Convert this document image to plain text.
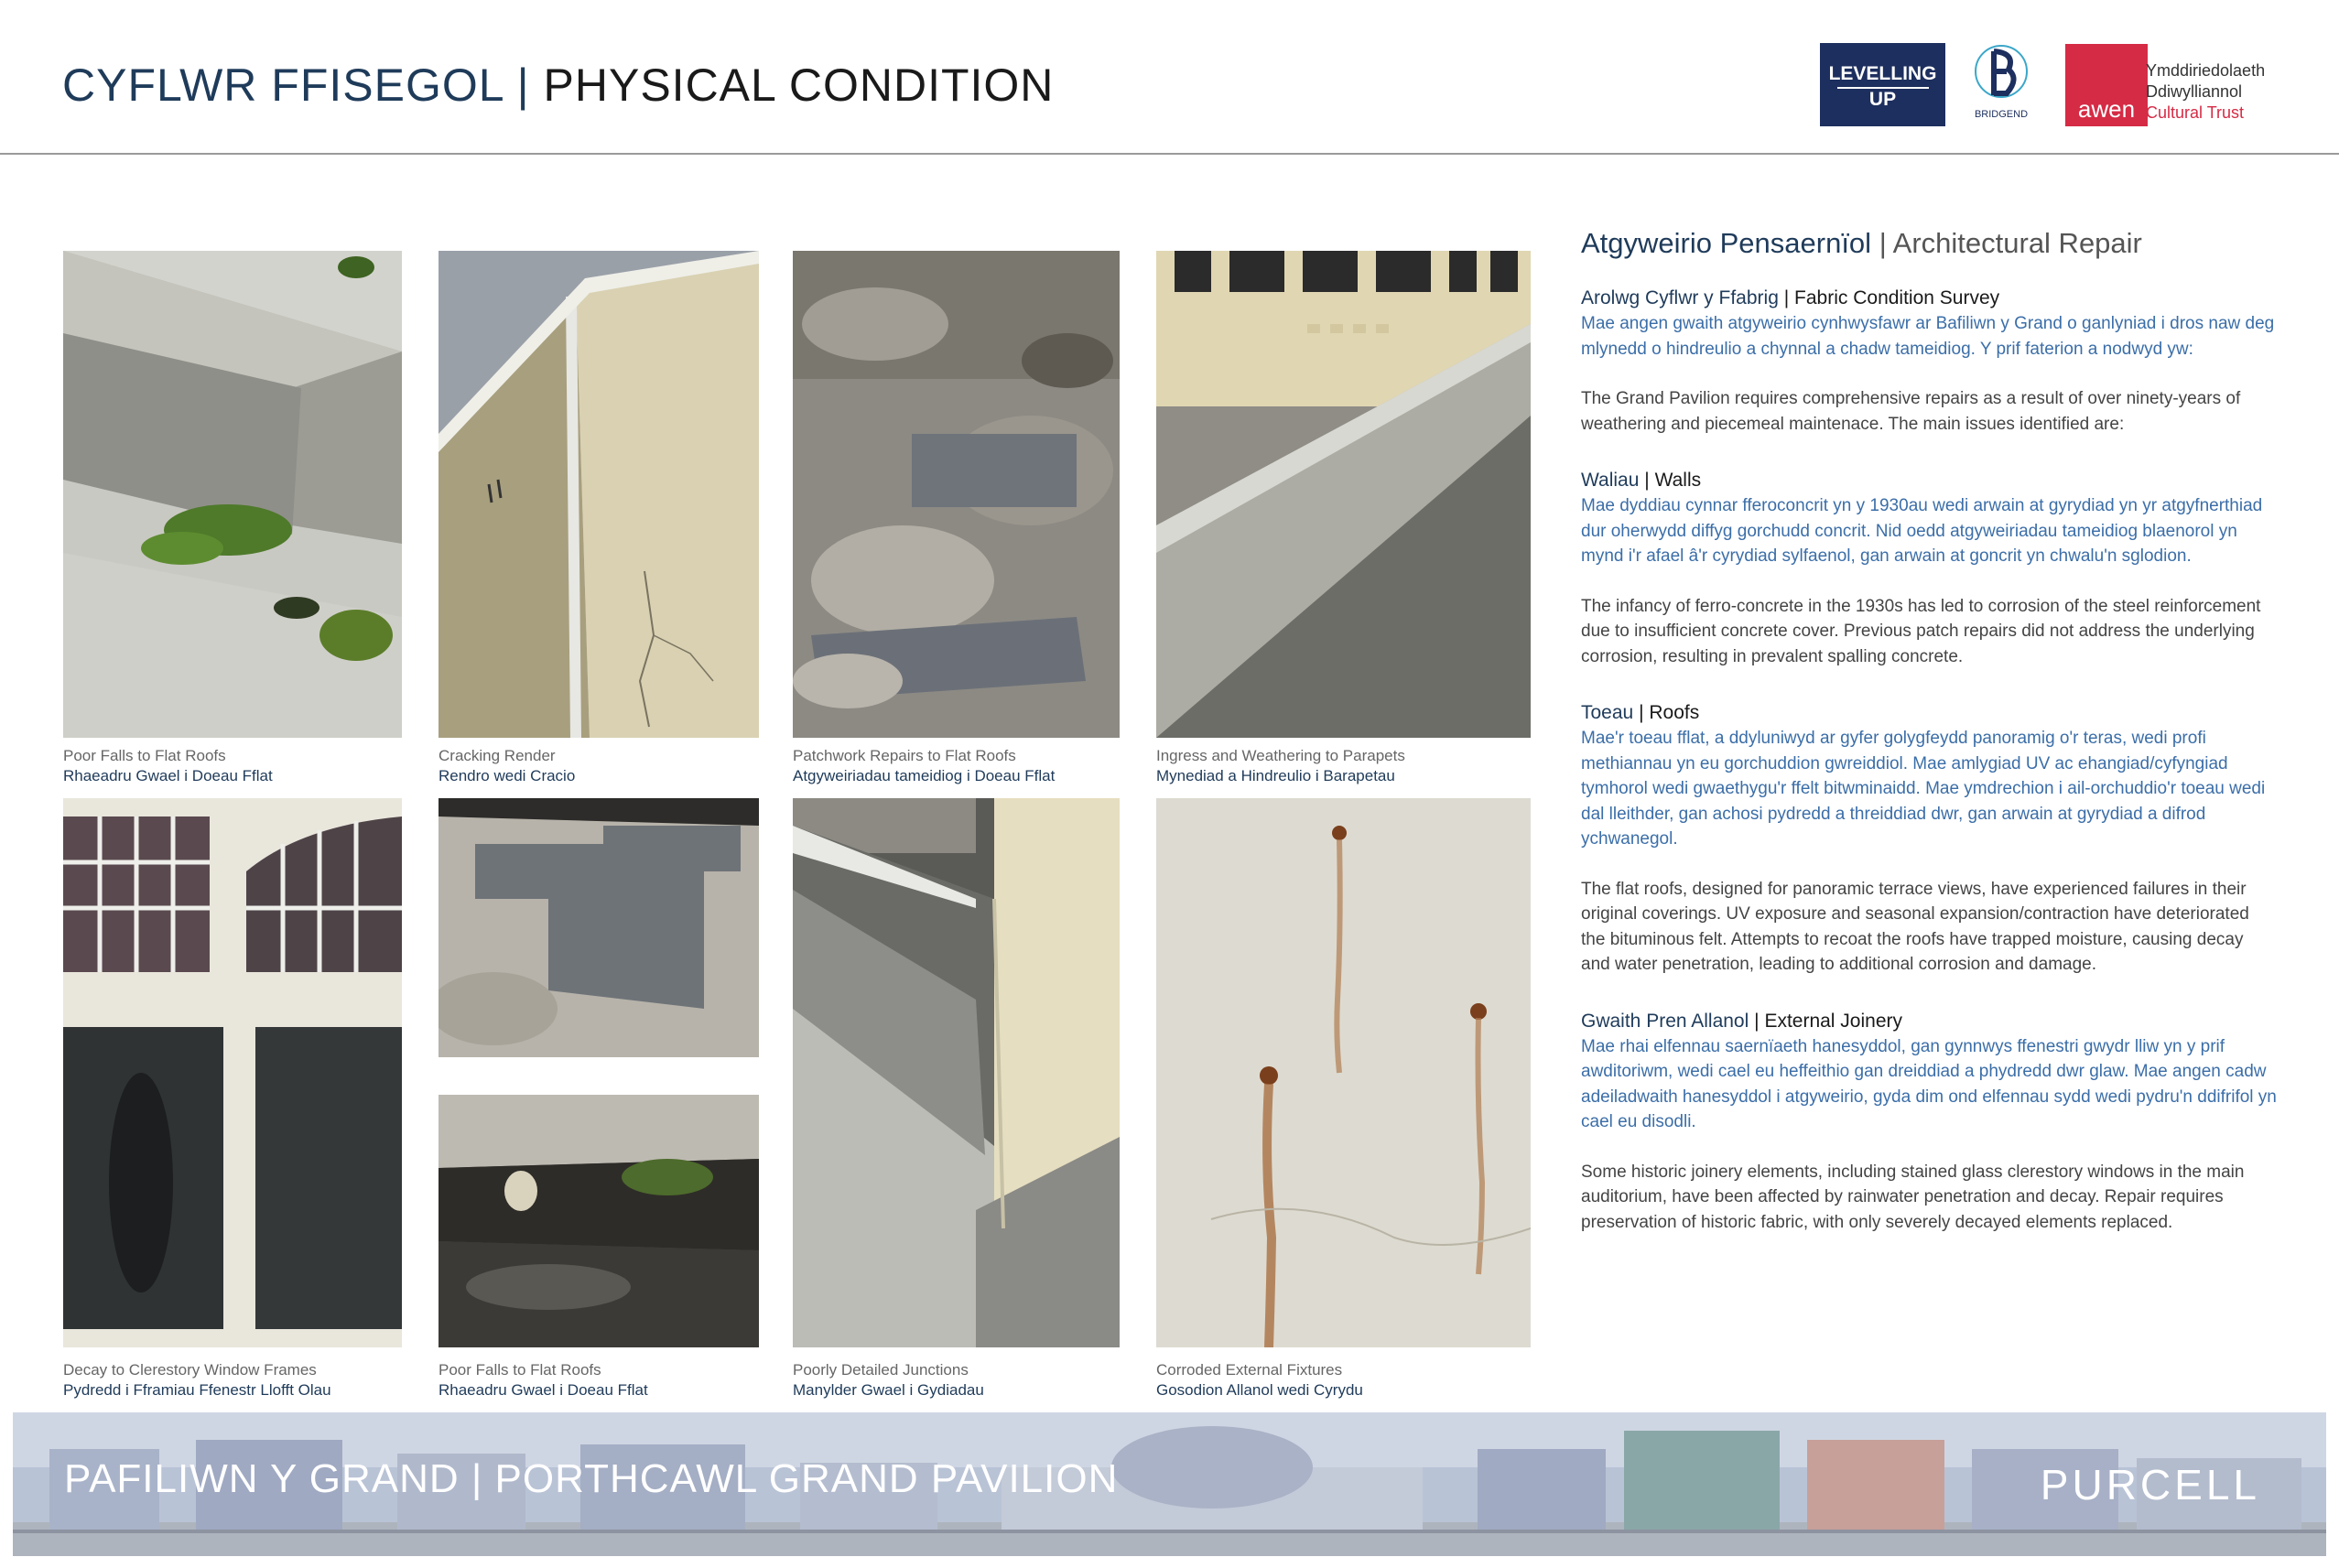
CYFLWR FFISEGOL | PHYSICAL CONDITION	LEVELLING
UP
BRIDGEND	awen
Ymddiriedolaeth
Ddiwylliannol
Cultural Trust
Poor Falls to Flat Roofs
Rhaeadru Gwael i Doeau Fflat
Cracking Render
Rendro wedi Cracio
Patchwork Repairs to Flat Roofs
Atgyweiriadau tameidiog i Doeau Fflat
Ingress and Weathering to Parapets
Mynediad a Hindreulio i Barapetau
Decay to Clerestory Window Frames
Pydredd i Fframiau Ffenestr Llofft Olau
Poor Falls to Flat Roofs
Rhaeadru Gwael i Doeau Fflat
Poorly Detailed Junctions
Manylder Gwael i Gydiadau
Corroded External Fixtures
Gosodion Allanol wedi Cyrydu
Atgyweirio Pensaernïol | Architectural Repair
Arolwg Cyflwr y Ffabrig | Fabric Condition Survey
Mae angen gwaith atgyweirio cynhwysfawr ar Bafiliwn y Grand o ganlyniad i dros naw deg mlynedd o hindreulio a chynnal a chadw tameidiog. Y prif faterion a nodwyd yw:
The Grand Pavilion requires comprehensive repairs as a result of over ninety-years of weathering and piecemeal maintenace. The main issues identified are:
Waliau | Walls
Mae dyddiau cynnar fferoconcrit yn y 1930au wedi arwain at gyrydiad yn yr atgyfnerthiad dur oherwydd diffyg gorchudd concrit. Nid oedd atgyweiriadau tameidiog blaenorol yn mynd i'r afael â'r cyrydiad sylfaenol, gan arwain at goncrit yn chwalu'n sglodion.
The infancy of ferro-concrete in the 1930s has led to corrosion of the steel reinforcement due to insufficient concrete cover. Previous patch repairs did not address the underlying corrosion, resulting in prevalent spalling concrete.
Toeau | Roofs
Mae'r toeau fflat, a ddyluniwyd ar gyfer golygfeydd panoramig o'r teras, wedi profi methiannau yn eu gorchuddion gwreiddiol. Mae amlygiad UV ac ehangiad/cyfyngiad tymhorol wedi gwaethygu'r ffelt bitwminaidd. Mae ymdrechion i ail-orchuddio'r toeau wedi dal lleithder, gan achosi pydredd a threiddiad dwr, gan arwain at gyrydiad a difrod ychwanegol.
The flat roofs, designed for panoramic terrace views, have experienced failures in their original coverings. UV exposure and seasonal expansion/contraction have deteriorated the bituminous felt. Attempts to recoat the roofs have trapped moisture, causing decay and water penetration, leading to additional corrosion and damage.
Gwaith Pren Allanol | External Joinery
Mae rhai elfennau saernïaeth hanesyddol, gan gynnwys ffenestri gwydr lliw yn y prif awditoriwm, wedi cael eu heffeithio gan dreiddiad a phydredd dwr glaw. Mae angen cadw adeiladwaith hanesyddol i atgyweirio, gyda dim ond elfennau sydd wedi pydru'n ddifrifol yn cael eu disodli.
Some historic joinery elements, including stained glass clerestory windows in the main auditorium, have been affected by rainwater penetration and decay. Repair requires preservation of historic fabric, with only severely decayed elements replaced.
PAFILIWN Y GRAND | PORTHCAWL GRAND PAVILION	PURCELL
